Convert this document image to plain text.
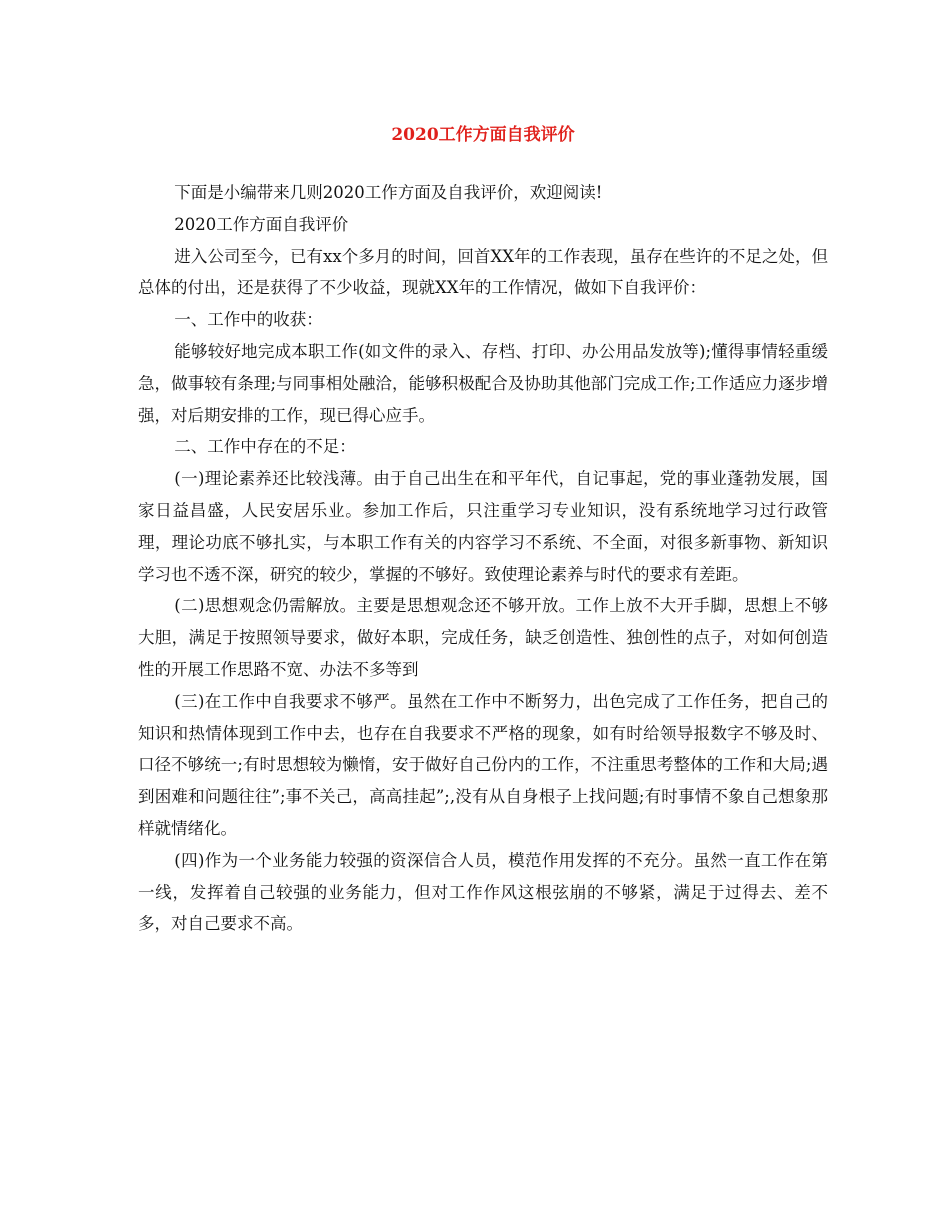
2020工作方面自我评价

下面是小编带来几则2020工作方面及自我评价，欢迎阅读!

2020工作方面自我评价

进入公司至今，已有xx个多月的时间，回首XX年的工作表现，虽存在些许的不足之处，但总体的付出，还是获得了不少收益，现就XX年的工作情况，做如下自我评价：

一、工作中的收获：

能够较好地完成本职工作(如文件的录入、存档、打印、办公用品发放等);懂得事情轻重缓急，做事较有条理;与同事相处融洽，能够积极配合及协助其他部门完成工作;工作适应力逐步增强，对后期安排的工作，现已得心应手。

二、工作中存在的不足：

(一)理论素养还比较浅薄。由于自己出生在和平年代，自记事起，党的事业蓬勃发展，国家日益昌盛，人民安居乐业。参加工作后，只注重学习专业知识，没有系统地学习过行政管理，理论功底不够扎实，与本职工作有关的内容学习不系统、不全面，对很多新事物、新知识学习也不透不深，研究的较少，掌握的不够好。致使理论素养与时代的要求有差距。

(二)思想观念仍需解放。主要是思想观念还不够开放。工作上放不大开手脚，思想上不够大胆，满足于按照领导要求，做好本职，完成任务，缺乏创造性、独创性的点子，对如何创造性的开展工作思路不宽、办法不多等到

(三)在工作中自我要求不够严。虽然在工作中不断努力，出色完成了工作任务，把自己的知识和热情体现到工作中去，也存在自我要求不严格的现象，如有时给领导报数字不够及时、口径不够统一;有时思想较为懒惰，安于做好自己份内的工作，不注重思考整体的工作和大局;遇到困难和问题往往”;事不关己，高高挂起”;,没有从自身根子上找问题;有时事情不象自己想象那样就情绪化。

(四)作为一个业务能力较强的资深信合人员，模范作用发挥的不充分。虽然一直工作在第一线，发挥着自己较强的业务能力，但对工作作风这根弦崩的不够紧，满足于过得去、差不多，对自己要求不高。
